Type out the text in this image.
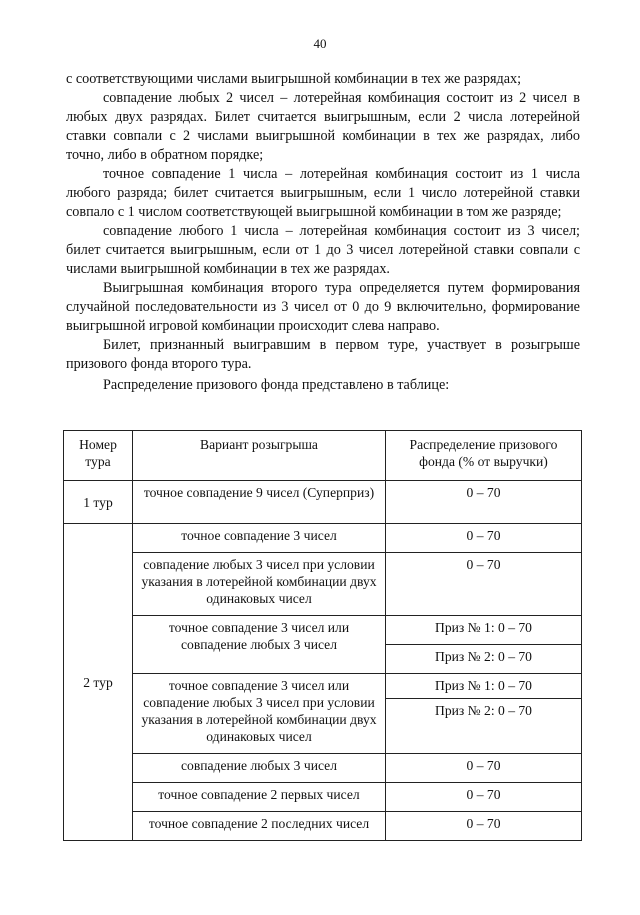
40

с соответствующими числами выигрышной комбинации в тех же разрядах;

совпадение любых 2 чисел – лотерейная комбинация состоит из 2 чисел в любых двух разрядах. Билет считается выигрышным, если 2 числа лотерейной ставки совпали с 2 числами выигрышной комбинации в тех же разрядах, либо точно, либо в обратном порядке;

точное совпадение 1 числа – лотерейная комбинация состоит из 1 числа любого разряда; билет считается выигрышным, если 1 число лотерейной ставки совпало с 1 числом соответствующей выигрышной комбинации в том же разряде;

совпадение любого 1 числа – лотерейная комбинация состоит из 3 чисел; билет считается выигрышным, если от 1 до 3 чисел лотерейной ставки совпали с числами выигрышной комбинации в тех же разрядах.

Выигрышная комбинация второго тура определяется путем формирования случайной последовательности из 3 чисел от 0 до 9 включительно, формирование выигрышной игровой комбинации происходит слева направо.

Билет, признанный выигравшим в первом туре, участвует в розыгрыше призового фонда второго тура.

Распределение призового фонда представлено в таблице:

Номер тура	Вариант розыгрыша	Распределение призового фонда (% от выручки)
1 тур	точное совпадение 9 чисел (Суперприз)	0 – 70
2 тур	точное совпадение 3 чисел	0 – 70
	совпадение любых 3 чисел при условии указания в лотерейной комбинации двух одинаковых чисел	0 – 70
	точное совпадение 3 чисел или совпадение любых 3 чисел	Приз № 1: 0 – 70
		Приз № 2: 0 – 70
	точное совпадение 3 чисел или совпадение любых 3 чисел при условии указания в лотерейной комбинации двух одинаковых чисел	Приз № 1: 0 – 70
		Приз № 2: 0 – 70
	совпадение любых 3 чисел	0 – 70
	точное совпадение 2 первых чисел	0 – 70
	точное совпадение 2 последних чисел	0 – 70
